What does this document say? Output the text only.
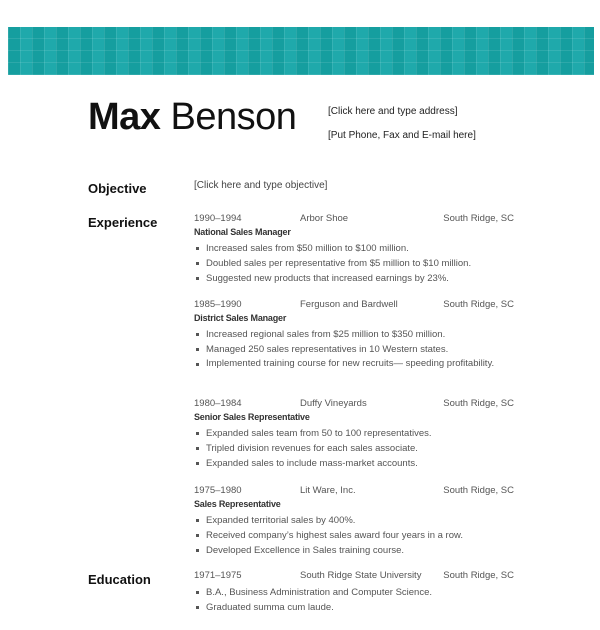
Max Benson	[Click here and type address]
[Put Phone, Fax and E-mail here]
Objective	[Click here and type objective]
Experience	1990–1994	Arbor Shoe	South Ridge, SC
National Sales Manager
Increased sales from $50 million to $100 million.
Doubled sales per representative from $5 million to $10 million.
Suggested new products that increased earnings by 23%.
1985–1990	Ferguson and Bardwell	South Ridge, SC
District Sales Manager
Increased regional sales from $25 million to $350 million.
Managed 250 sales representatives in 10 Western states.
Implemented training course for new recruits— speeding profitability.
1980–1984	Duffy Vineyards	South Ridge, SC
Senior Sales Representative
Expanded sales team from 50 to 100 representatives.
Tripled division revenues for each sales associate.
Expanded sales to include mass-market accounts.
1975–1980	Lit Ware, Inc.	South Ridge, SC
Sales Representative
Expanded territorial sales by 400%.
Received company’s highest sales award four years in a row.
Developed Excellence in Sales training course.
Education	1971–1975	South Ridge State University South Ridge, SC
B.A., Business Administration and Computer Science.
Graduated summa cum laude.
